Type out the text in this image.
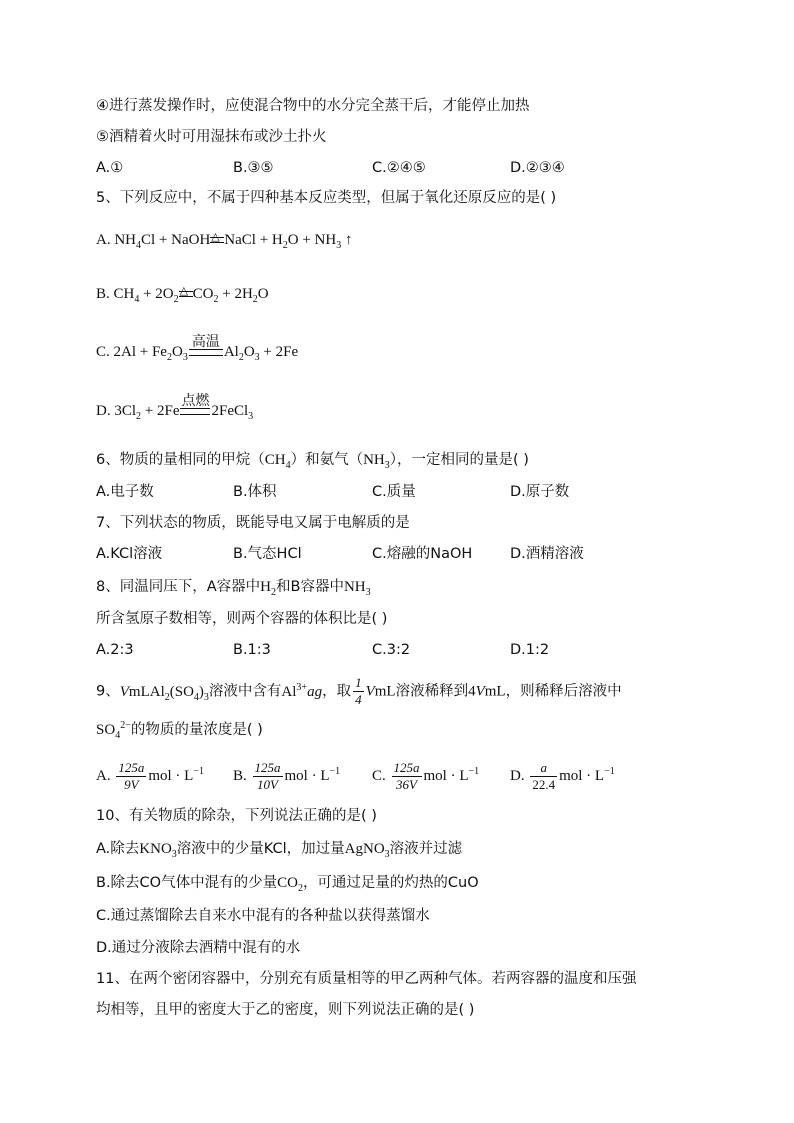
④进行蒸发操作时，应使混合物中的水分完全蒸干后，才能停止加热
⑤酒精着火时可用湿抹布或沙土扑火
A.①	B.③⑤	C.②④⑤	D.②③④
5、下列反应中，不属于四种基本反应类型，但属于氧化还原反应的是( )
A. $NH_4Cl$ + NaOH △ NaCl + $H_2O + NH_3$ ↑
B. $CH_4 + 2O_2$
△ $CO_2 + 2H_2O$
C. $2Al + Fe_2O_3$
高温
$Al_2O_3 + 2Fe$
D. $3Cl_2 + 2Fe$
点燃
2FeCl$_3$
6、物质的量相同的甲烷$(CH_4)$和氨气$(NH_3)$，一定相同的量是( )
A.电子数	B.体积	C.质量	D.原子数
7、下列状态的物质，既能导电又属于电解质的是
A.KCl溶液	B.气态HCl	C.熔融的NaOH	D.酒精溶液
8、同温同压下，A容器中$H_2$和B容器中$NH_3$
所含氢原子数相等，则两个容器的体积比是( )
A.2:3	B.1:3	C.3:2	D.1:2
9、$VmLAl_2(SO_4)_3$溶液中含有$Al^{3+}ag$，取 $\frac{1}{4}$ VmL溶液稀释到4VmL，则稀释后溶液中
$SO_4^{2-}$的物质的量浓度是( )
A. $\frac{125a}{9V}$ mol · $L^{-1}$ B. $\frac{125a}{10V}$ mol · $L^{-1}$ C. $\frac{125a}{36V}$ mol · $L^{-1}$ D. $\frac{a}{22.4}$ mol · $L^{-1}$
10、有关物质的除杂，下列说法正确的是( )
A.除去$KNO_3$溶液中的少量KCl，加过量AgNO$_3$溶液并过滤
B.除去CO气体中混有的少量$CO_2$，可通过足量的灼热的CuO
C.通过蒸馏除去自来水中混有的各种盐以获得蒸馏水
D.通过分液除去酒精中混有的水
11、在两个密闭容器中，分别充有质量相等的甲乙两种气体。若两容器的温度和压强
均相等，且甲的密度大于乙的密度，则下列说法正确的是( )
